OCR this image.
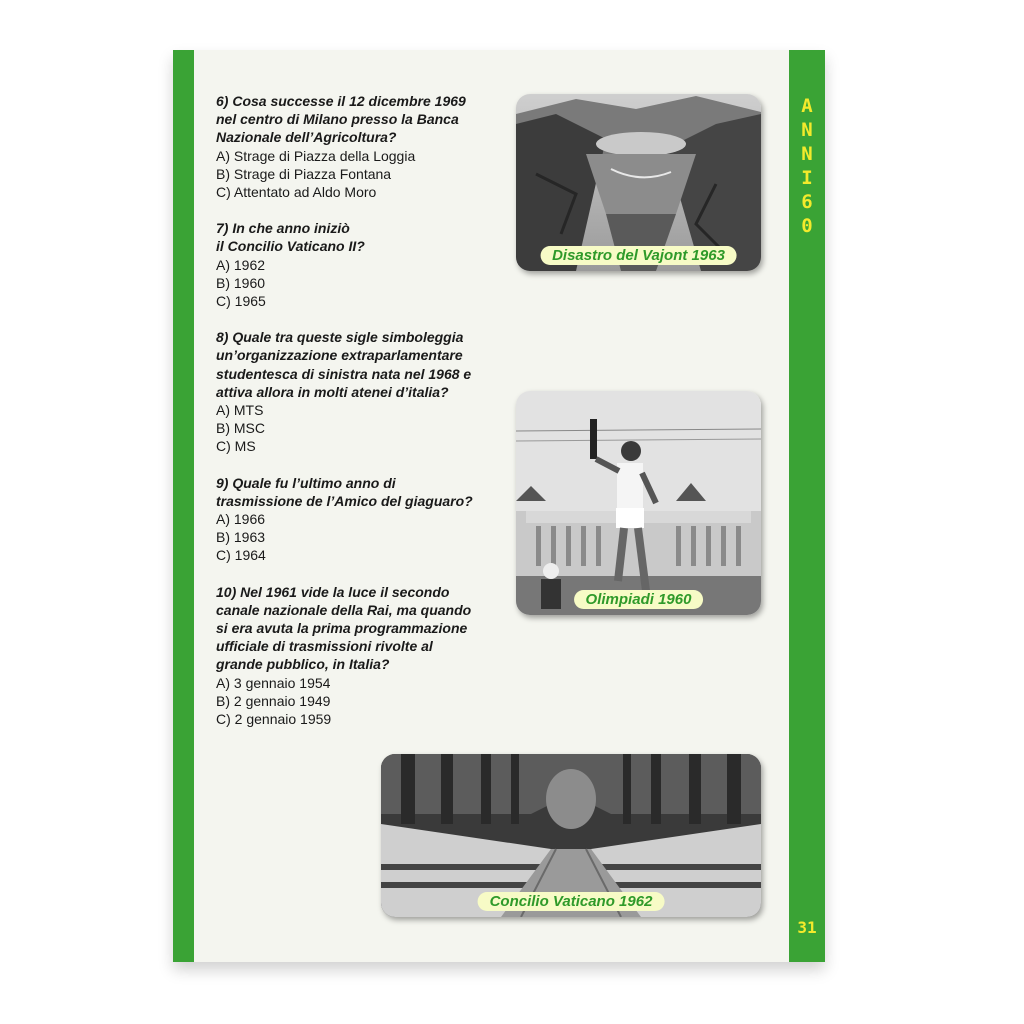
A
N
N
I
6
0
31
6) Cosa successe il 12 dicembre 1969
nel centro di Milano presso la Banca
Nazionale dell’Agricoltura?
A) Strage di Piazza della Loggia
B) Strage di Piazza Fontana
C) Attentato ad Aldo Moro
7) In che anno iniziò
il Concilio Vaticano II?
A) 1962
B) 1960
C) 1965
8) Quale tra queste sigle simboleggia
un’organizzazione extraparlamentare
studentesca di sinistra nata nel 1968 e
attiva allora in molti atenei d’italia?
A) MTS
B) MSC
C) MS
9) Quale fu l’ultimo anno di
trasmissione de l’Amico del giaguaro?
A) 1966
B) 1963
C) 1964
10) Nel 1961 vide la luce il secondo
canale nazionale della Rai, ma quando
si era avuta la prima programmazione
ufficiale di trasmissioni rivolte al
grande pubblico, in Italia?
A) 3 gennaio 1954
B) 2 gennaio 1949
C) 2 gennaio 1959
Disastro del Vajont 1963
Olimpiadi 1960
Concilio Vaticano 1962
